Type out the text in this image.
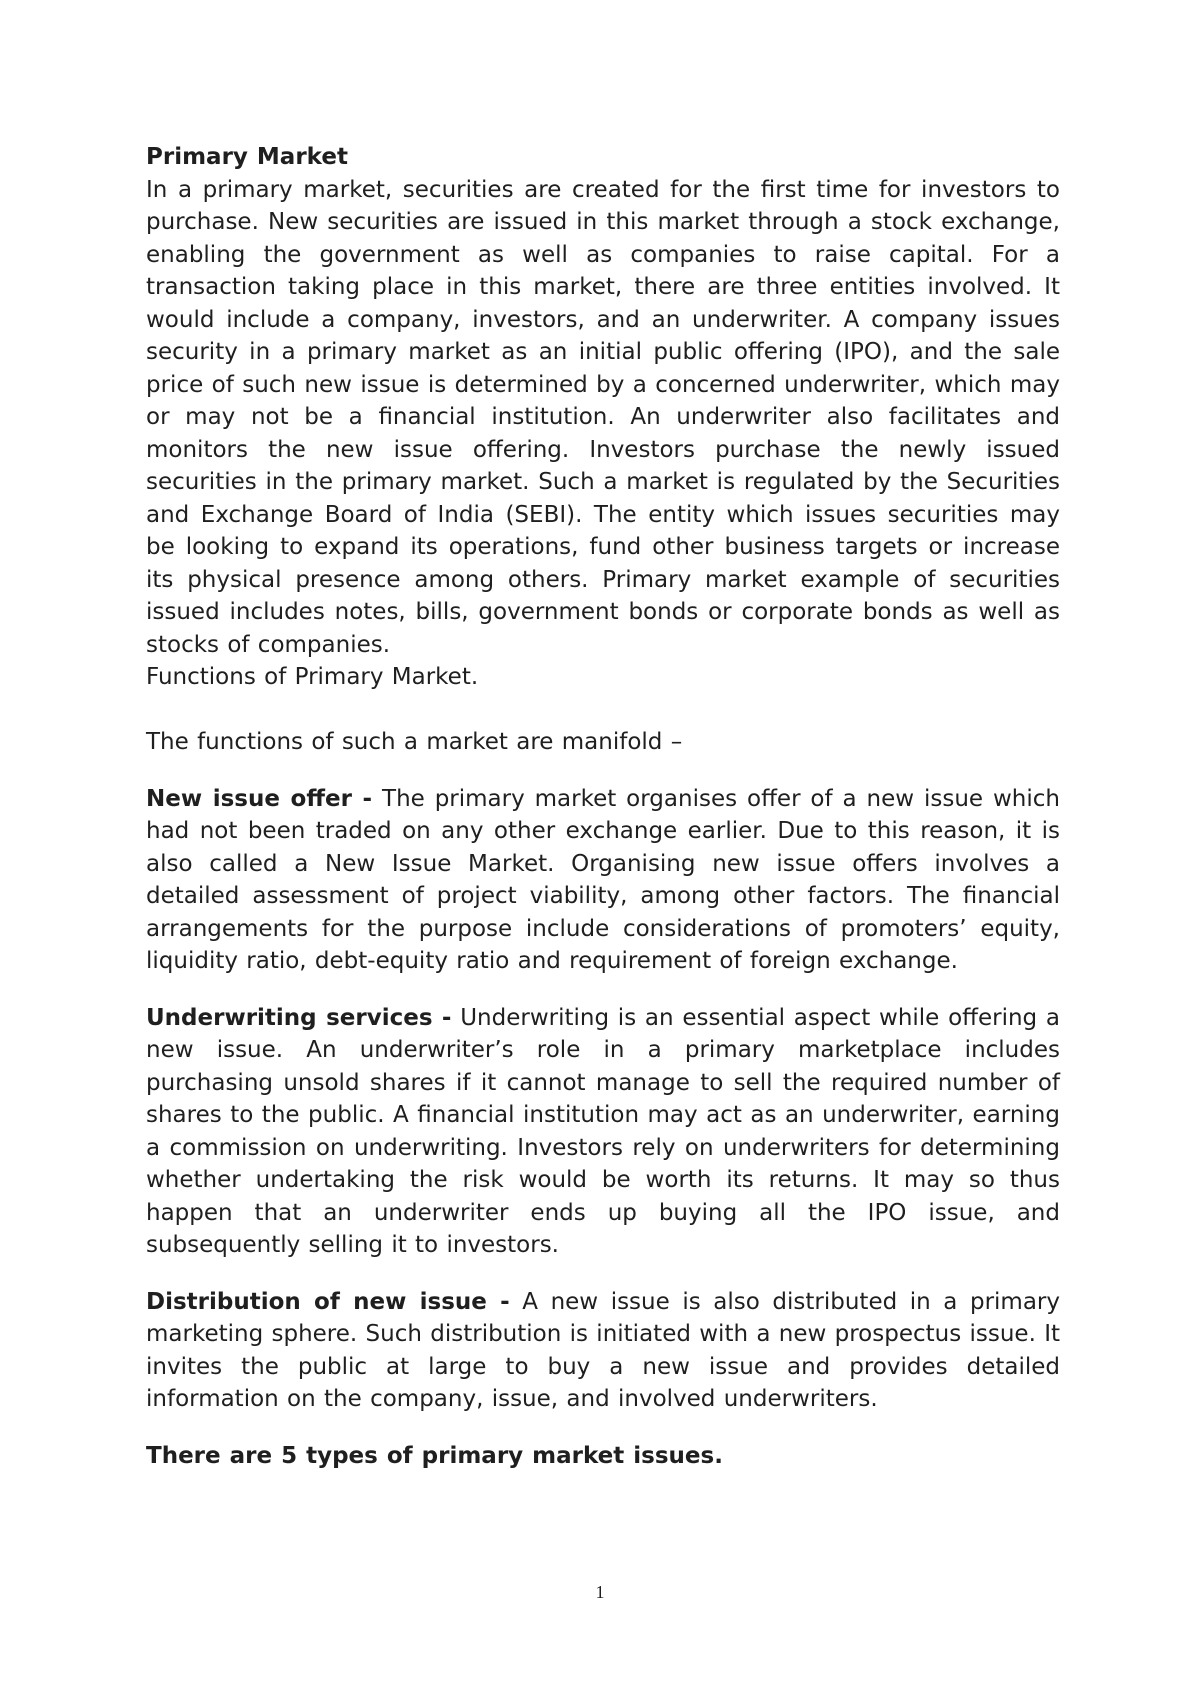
Primary Market

In a primary market, securities are created for the first time for investors to purchase. New securities are issued in this market through a stock exchange, enabling the government as well as companies to raise capital. For a transaction taking place in this market, there are three entities involved. It would include a company, investors, and an underwriter. A company issues security in a primary market as an initial public offering (IPO), and the sale price of such new issue is determined by a concerned underwriter, which may or may not be a financial institution. An underwriter also facilitates and monitors the new issue offering. Investors purchase the newly issued securities in the primary market. Such a market is regulated by the Securities and Exchange Board of India (SEBI). The entity which issues securities may be looking to expand its operations, fund other business targets or increase its physical presence among others. Primary market example of securities issued includes notes, bills, government bonds or corporate bonds as well as stocks of companies.

Functions of Primary Market.

The functions of such a market are manifold –

New issue offer - The primary market organises offer of a new issue which had not been traded on any other exchange earlier. Due to this reason, it is also called a New Issue Market. Organising new issue offers involves a detailed assessment of project viability, among other factors. The financial arrangements for the purpose include considerations of promoters’ equity, liquidity ratio, debt-equity ratio and requirement of foreign exchange.

Underwriting services - Underwriting is an essential aspect while offering a new issue. An underwriter’s role in a primary marketplace includes purchasing unsold shares if it cannot manage to sell the required number of shares to the public. A financial institution may act as an underwriter, earning a commission on underwriting. Investors rely on underwriters for determining whether undertaking the risk would be worth its returns. It may so thus happen that an underwriter ends up buying all the IPO issue, and subsequently selling it to investors.

Distribution of new issue - A new issue is also distributed in a primary marketing sphere. Such distribution is initiated with a new prospectus issue. It invites the public at large to buy a new issue and provides detailed information on the company, issue, and involved underwriters.

There are 5 types of primary market issues.

1
